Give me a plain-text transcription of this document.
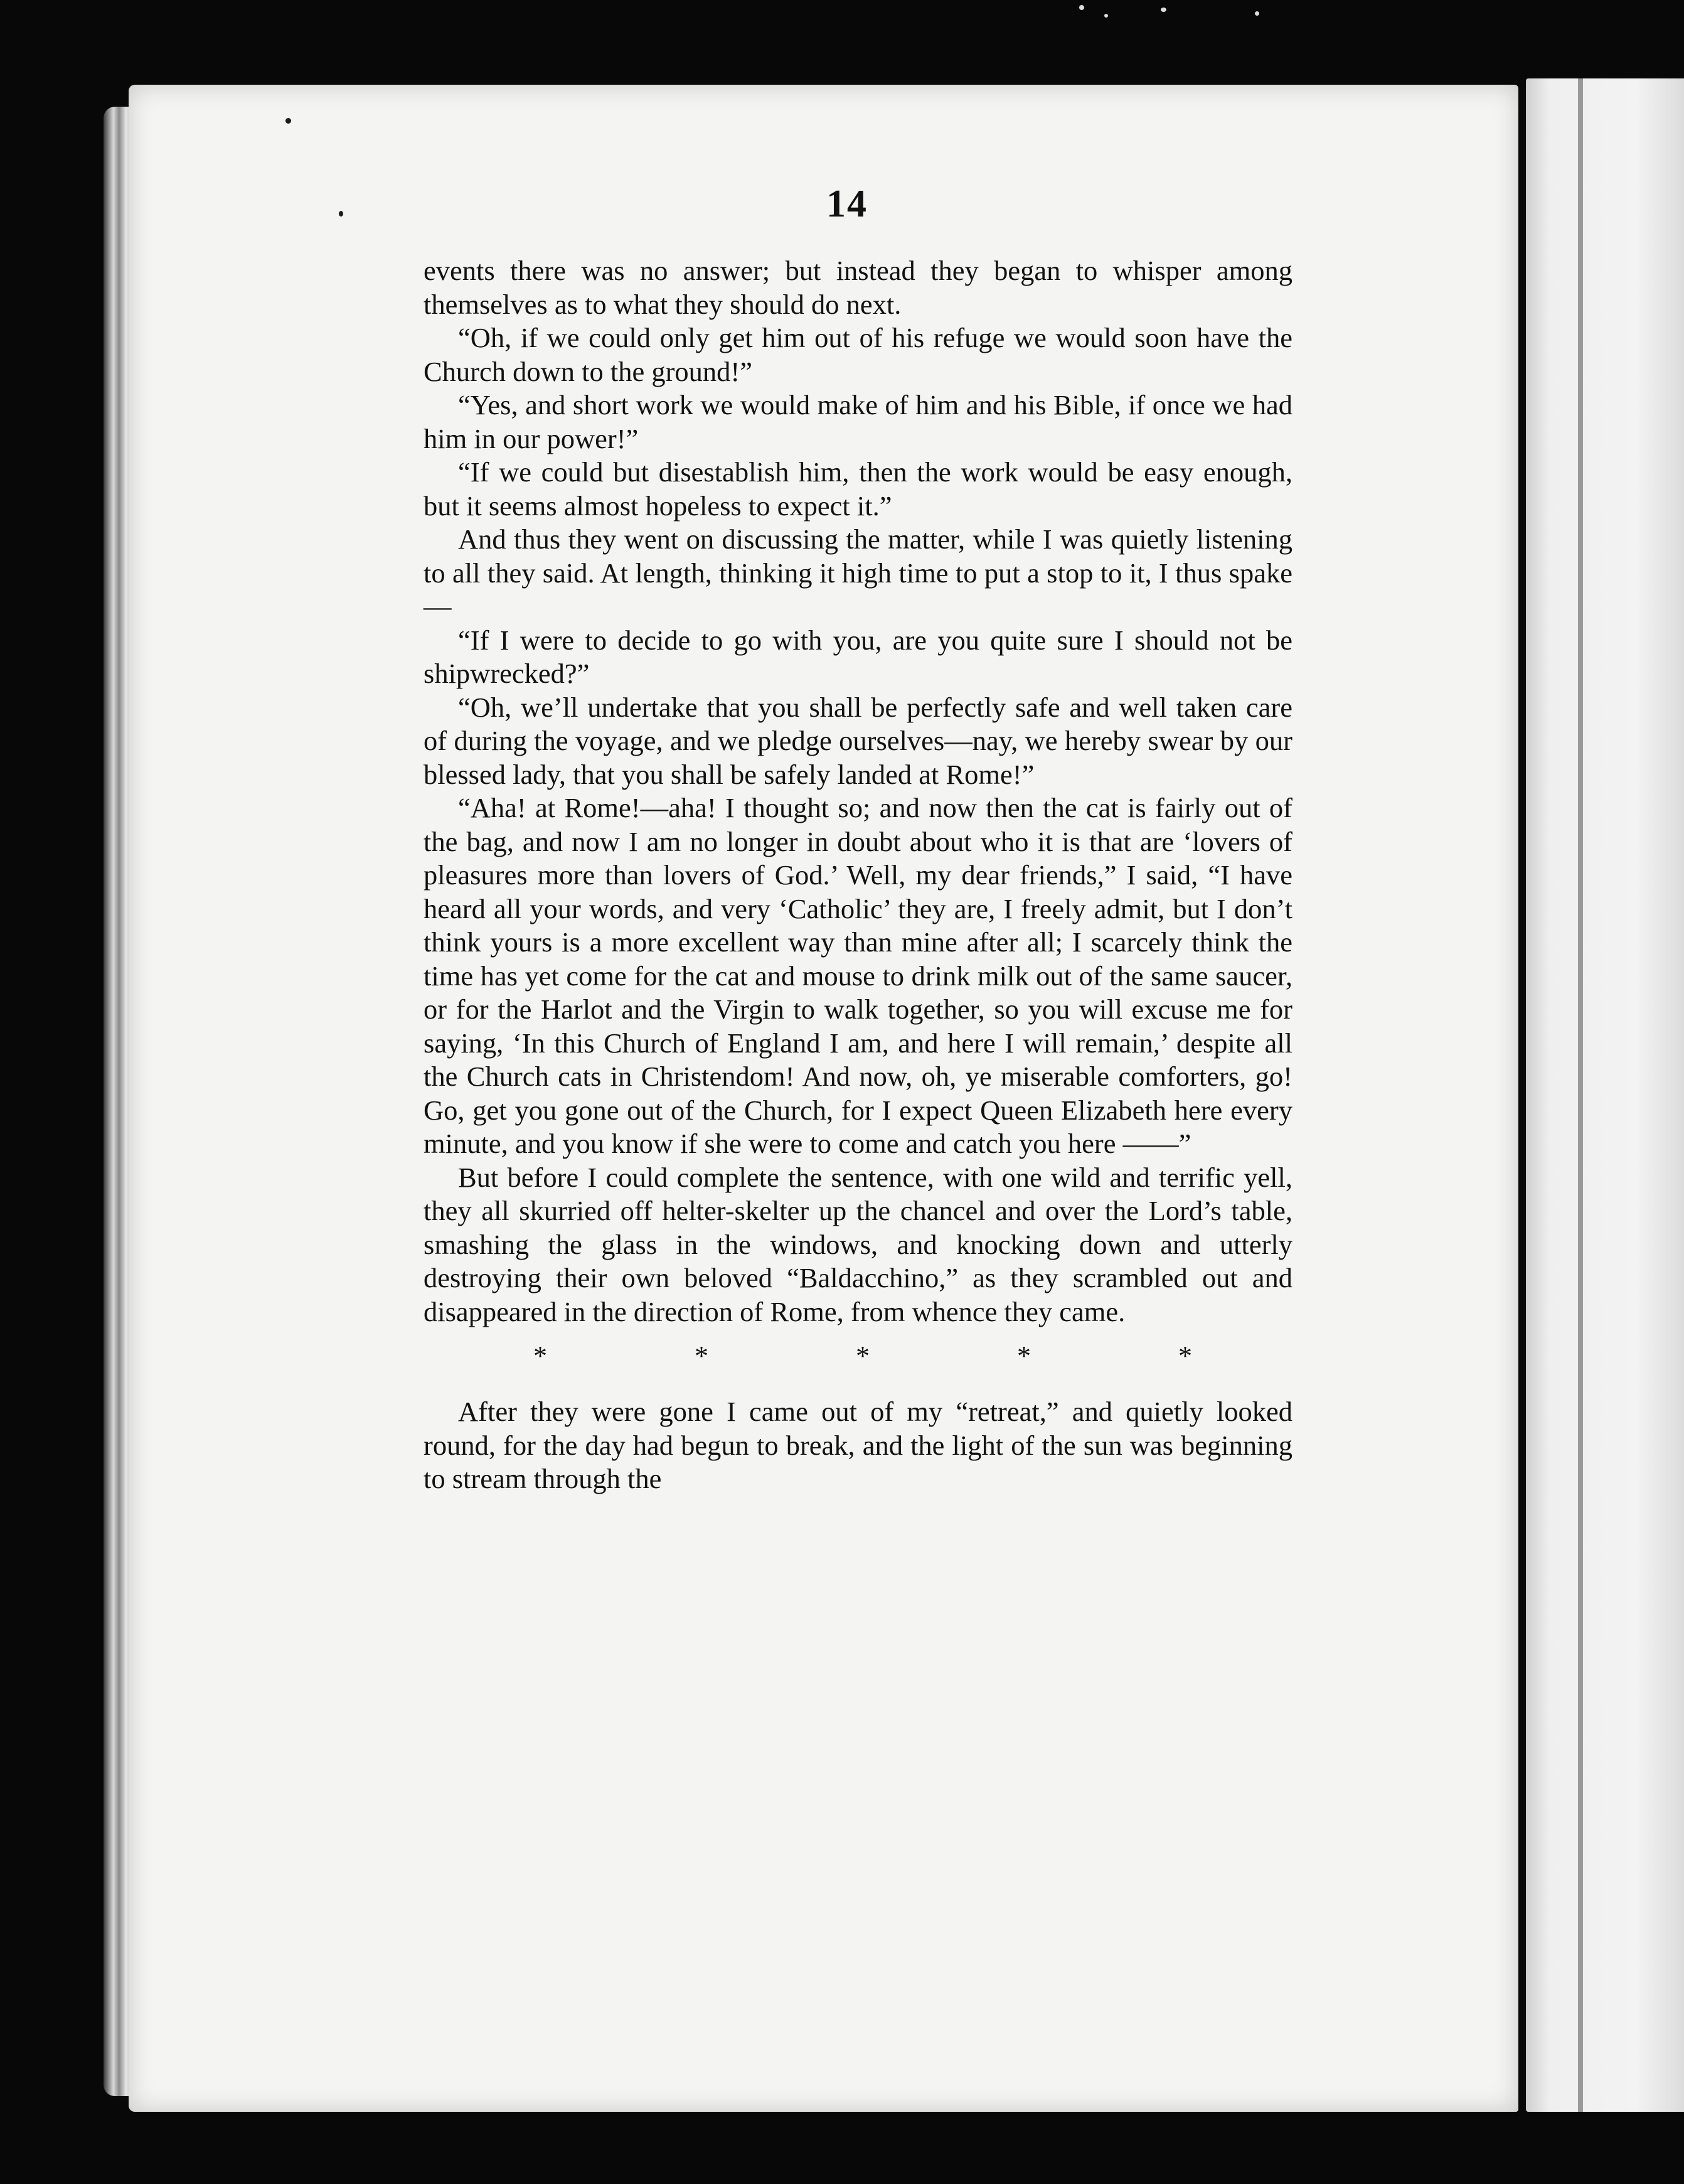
14

events there was no answer; but instead they began to whisper among themselves as to what they should do next.

“Oh, if we could only get him out of his refuge we would soon have the Church down to the ground!”

“Yes, and short work we would make of him and his Bible, if once we had him in our power!”

“If we could but disestablish him, then the work would be easy enough, but it seems almost hopeless to expect it.”

And thus they went on discussing the matter, while I was quietly listening to all they said. At length, thinking it high time to put a stop to it, I thus spake—

“If I were to decide to go with you, are you quite sure I should not be shipwrecked?”

“Oh, we’ll undertake that you shall be perfectly safe and well taken care of during the voyage, and we pledge ourselves—nay, we hereby swear by our blessed lady, that you shall be safely landed at Rome!”

“Aha! at Rome!—aha! I thought so; and now then the cat is fairly out of the bag, and now I am no longer in doubt about who it is that are ‘lovers of pleasures more than lovers of God.’ Well, my dear friends,” I said, “I have heard all your words, and very ‘Catholic’ they are, I freely admit, but I don’t think yours is a more excellent way than mine after all; I scarcely think the time has yet come for the cat and mouse to drink milk out of the same saucer, or for the Harlot and the Virgin to walk together, so you will excuse me for saying, ‘In this Church of England I am, and here I will remain,’ despite all the Church cats in Christendom! And now, oh, ye miserable comforters, go! Go, get you gone out of the Church, for I expect Queen Elizabeth here every minute, and you know if she were to come and catch you here ——”

But before I could complete the sentence, with one wild and terrific yell, they all skurried off helter-skelter up the chancel and over the Lord’s table, smashing the glass in the windows, and knocking down and utterly destroying their own beloved “Baldacchino,” as they scrambled out and disappeared in the direction of Rome, from whence they came.

*	*	*	*	*

After they were gone I came out of my “retreat,” and quietly looked round, for the day had begun to break, and the light of the sun was beginning to stream through the
